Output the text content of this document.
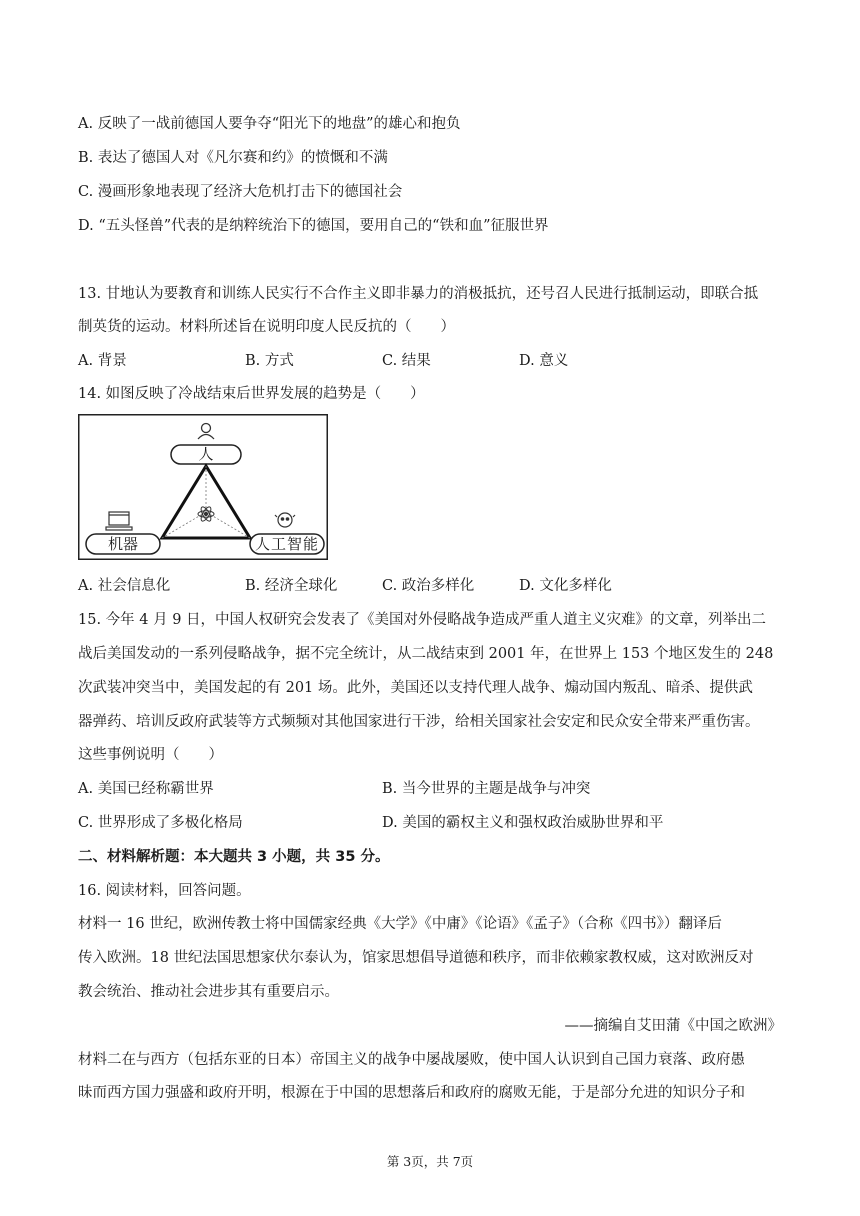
A. 反映了一战前德国人要争夺“阳光下的地盘”的雄心和抱负
B. 表达了德国人对《凡尔赛和约》的愤慨和不满
C. 漫画形象地表现了经济大危机打击下的德国社会
D. “五头怪兽”代表的是纳粹统治下的德国，要用自己的“铁和血”征服世界
13. 甘地认为要教育和训练人民实行不合作主义即非暴力的消极抵抗，还号召人民进行抵制运动，即联合抵
制英货的运动。材料所述旨在说明印度人民反抗的（　　）
A. 背景	B. 方式	C. 结果	D. 意义
14. 如图反映了冷战结束后世界发展的趋势是（　　）
人
机器	人工智能
A. 社会信息化	B. 经济全球化	C. 政治多样化	D. 文化多样化
15. 今年 4 月 9 日，中国人权研究会发表了《美国对外侵略战争造成严重人道主义灾难》的文章，列举出二
战后美国发动的一系列侵略战争，据不完全统计，从二战结束到 2001 年，在世界上 153 个地区发生的 248
次武装冲突当中，美国发起的有 201 场。此外，美国还以支持代理人战争、煽动国内叛乱、暗杀、提供武
器弹药、培训反政府武装等方式频频对其他国家进行干涉，给相关国家社会安定和民众安全带来严重伤害。
这些事例说明（　　）
A. 美国已经称霸世界	B. 当今世界的主题是战争与冲突
C. 世界形成了多极化格局	D. 美国的霸权主义和强权政治威胁世界和平
二、材料解析题：本大题共 3 小题，共 35 分。
16. 阅读材料，回答问题。
材料一 16 世纪，欧洲传教士将中国儒家经典《大学》《中庸》《论语》《孟子》（合称《四书》）翻译后
传入欧洲。18 世纪法国思想家伏尔泰认为，馆家思想倡导道德和秩序，而非依赖家教权威，这对欧洲反对
教会统治、推动社会进步其有重要启示。
——摘编自艾田蒲《中国之欧洲》
材料二在与西方（包括东亚的日本）帝国主义的战争中屡战屡败，使中国人认识到自己国力衰落、政府愚
昧而西方国力强盛和政府开明，根源在于中国的思想落后和政府的腐败无能，于是部分允进的知识分子和
第 3页，共 7页
